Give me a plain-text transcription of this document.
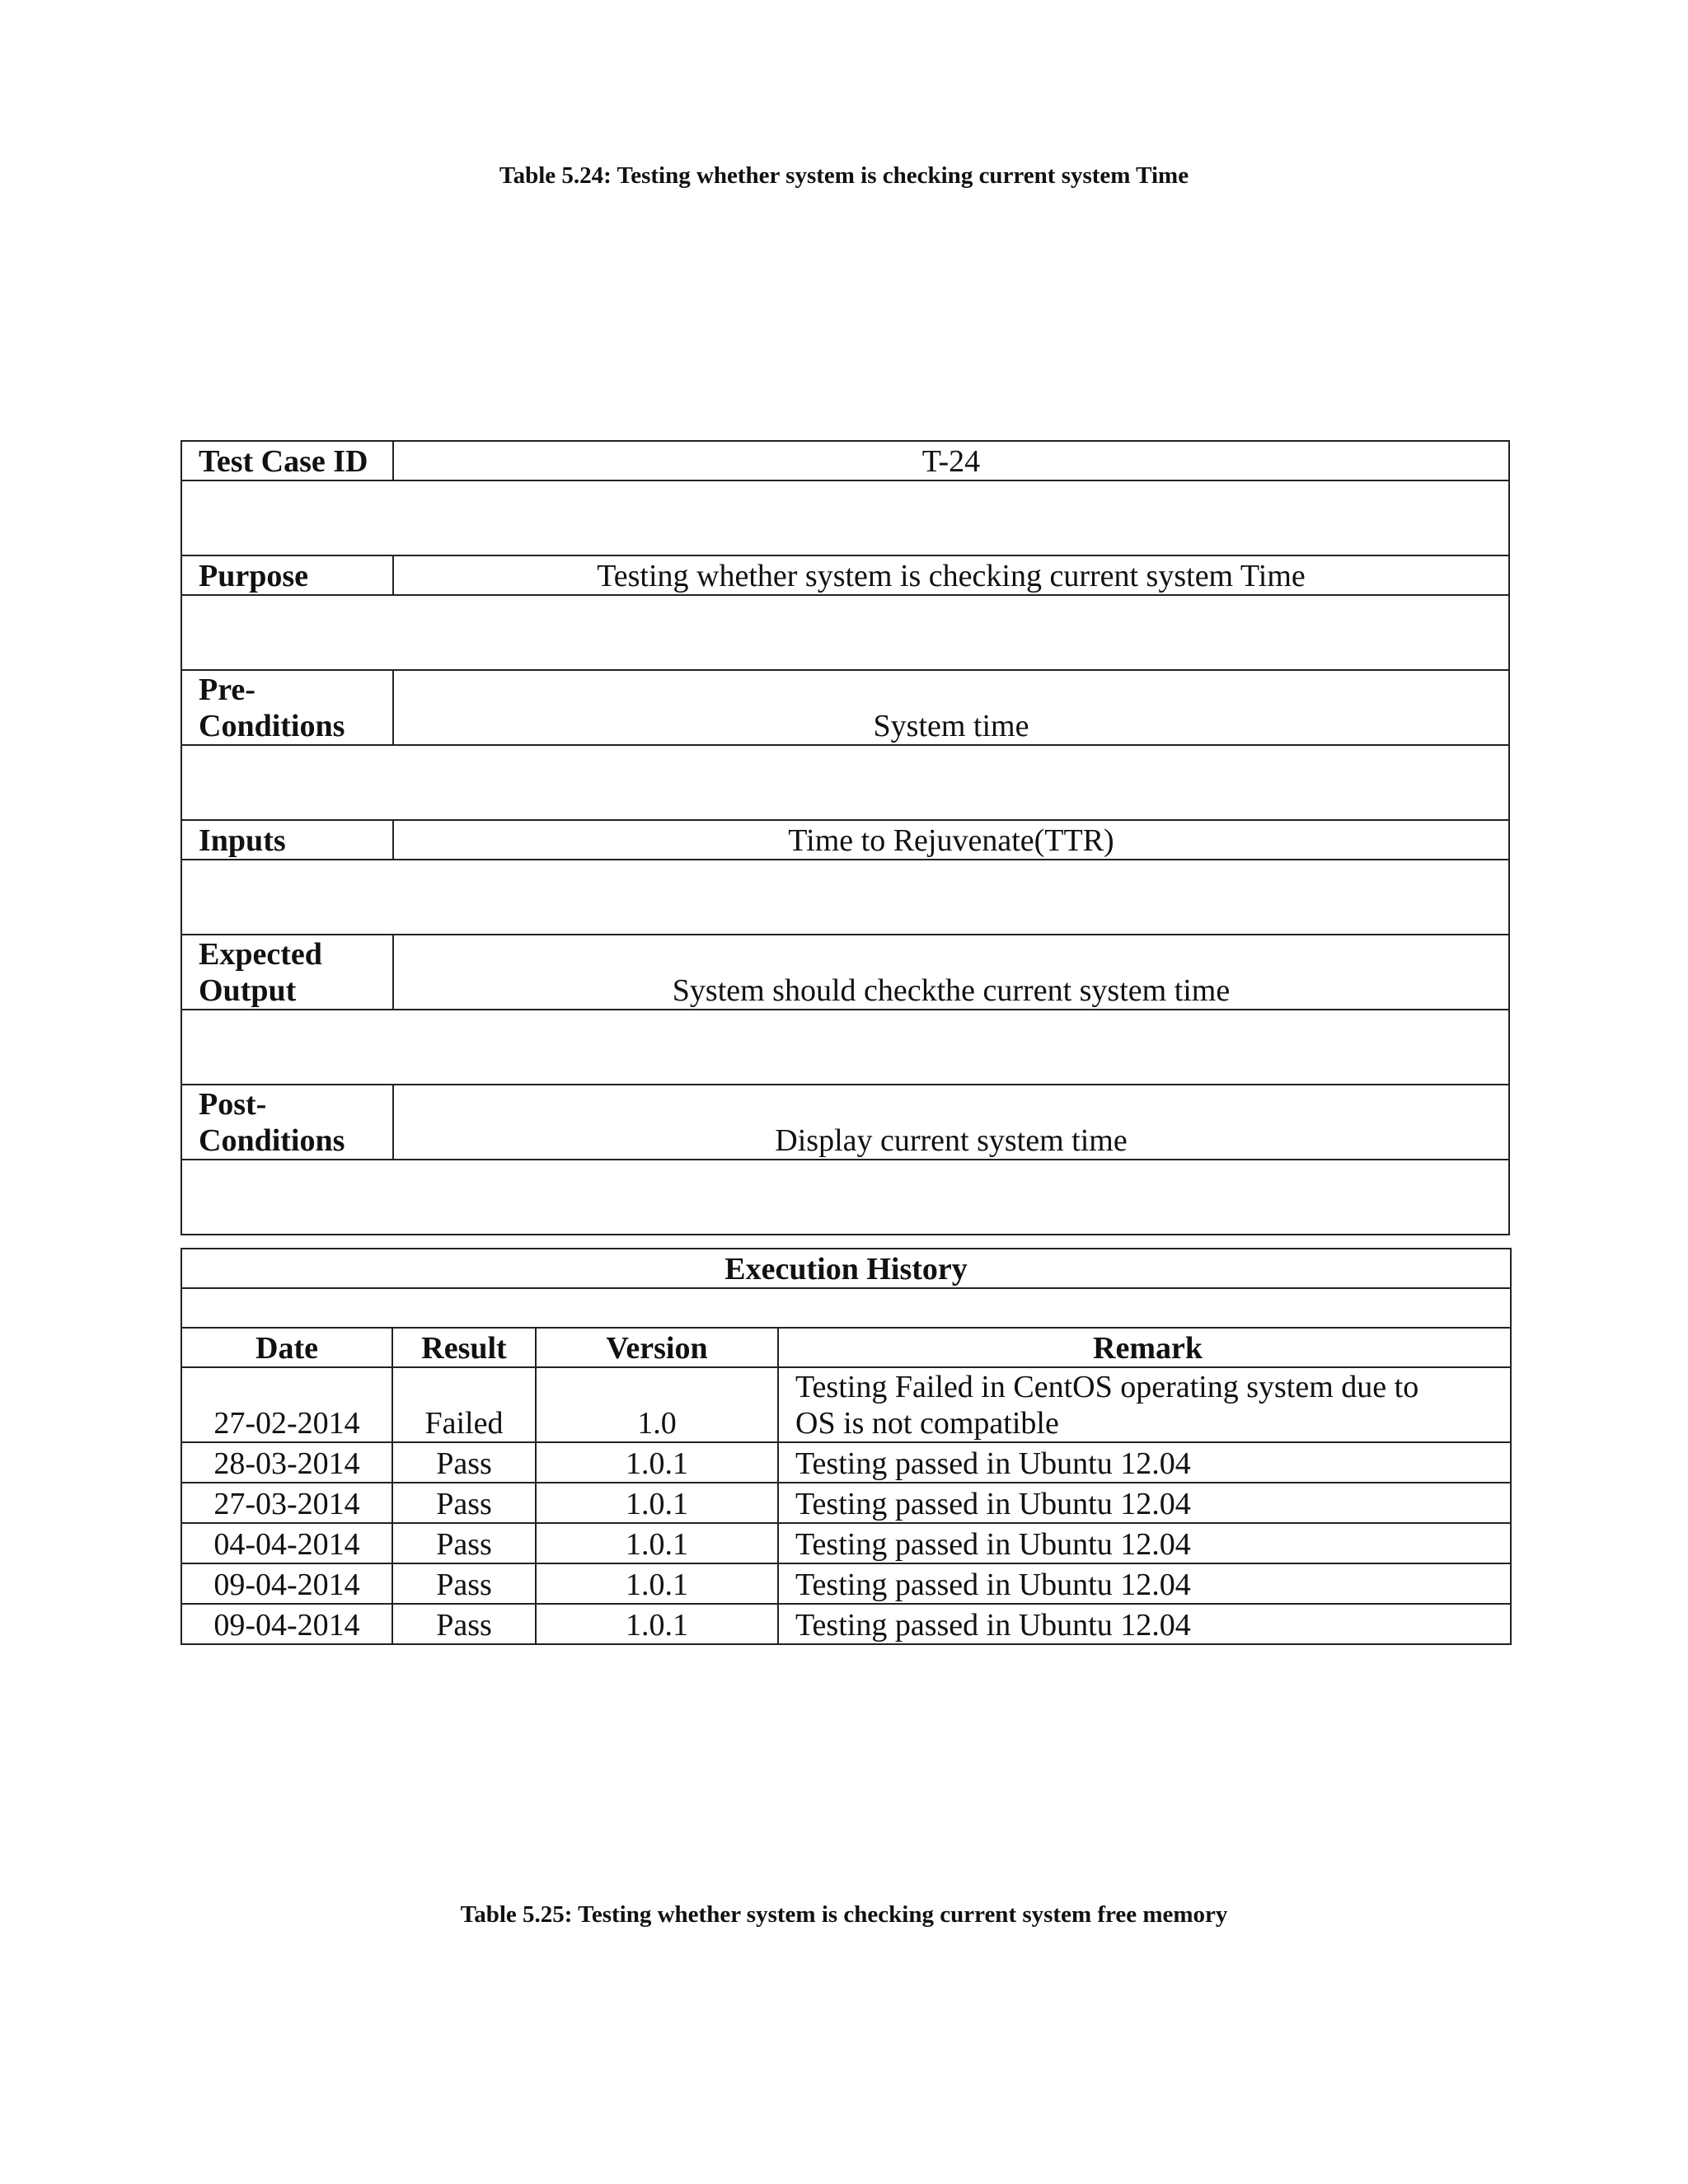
Table 5.24: Testing whether system is checking current system Time
Test Case ID	T-24

Purpose	Testing whether system is checking current system Time

Pre-
Conditions	System time

Inputs	Time to Rejuvenate(TTR)

Expected
Output	System should checkthe current system time

Post-
Conditions	Display current system time

Execution History			

Date	Result	Version	Remark
27-02-2014	Failed	1.0	Testing Failed in CentOS operating system due to
OS is not compatible
28-03-2014	Pass	1.0.1	Testing passed in Ubuntu 12.04
27-03-2014	Pass	1.0.1	Testing passed in Ubuntu 12.04
04-04-2014	Pass	1.0.1	Testing passed in Ubuntu 12.04
09-04-2014	Pass	1.0.1	Testing passed in Ubuntu 12.04
09-04-2014	Pass	1.0.1	Testing passed in Ubuntu 12.04
Table 5.25: Testing whether system is checking current system free memory
